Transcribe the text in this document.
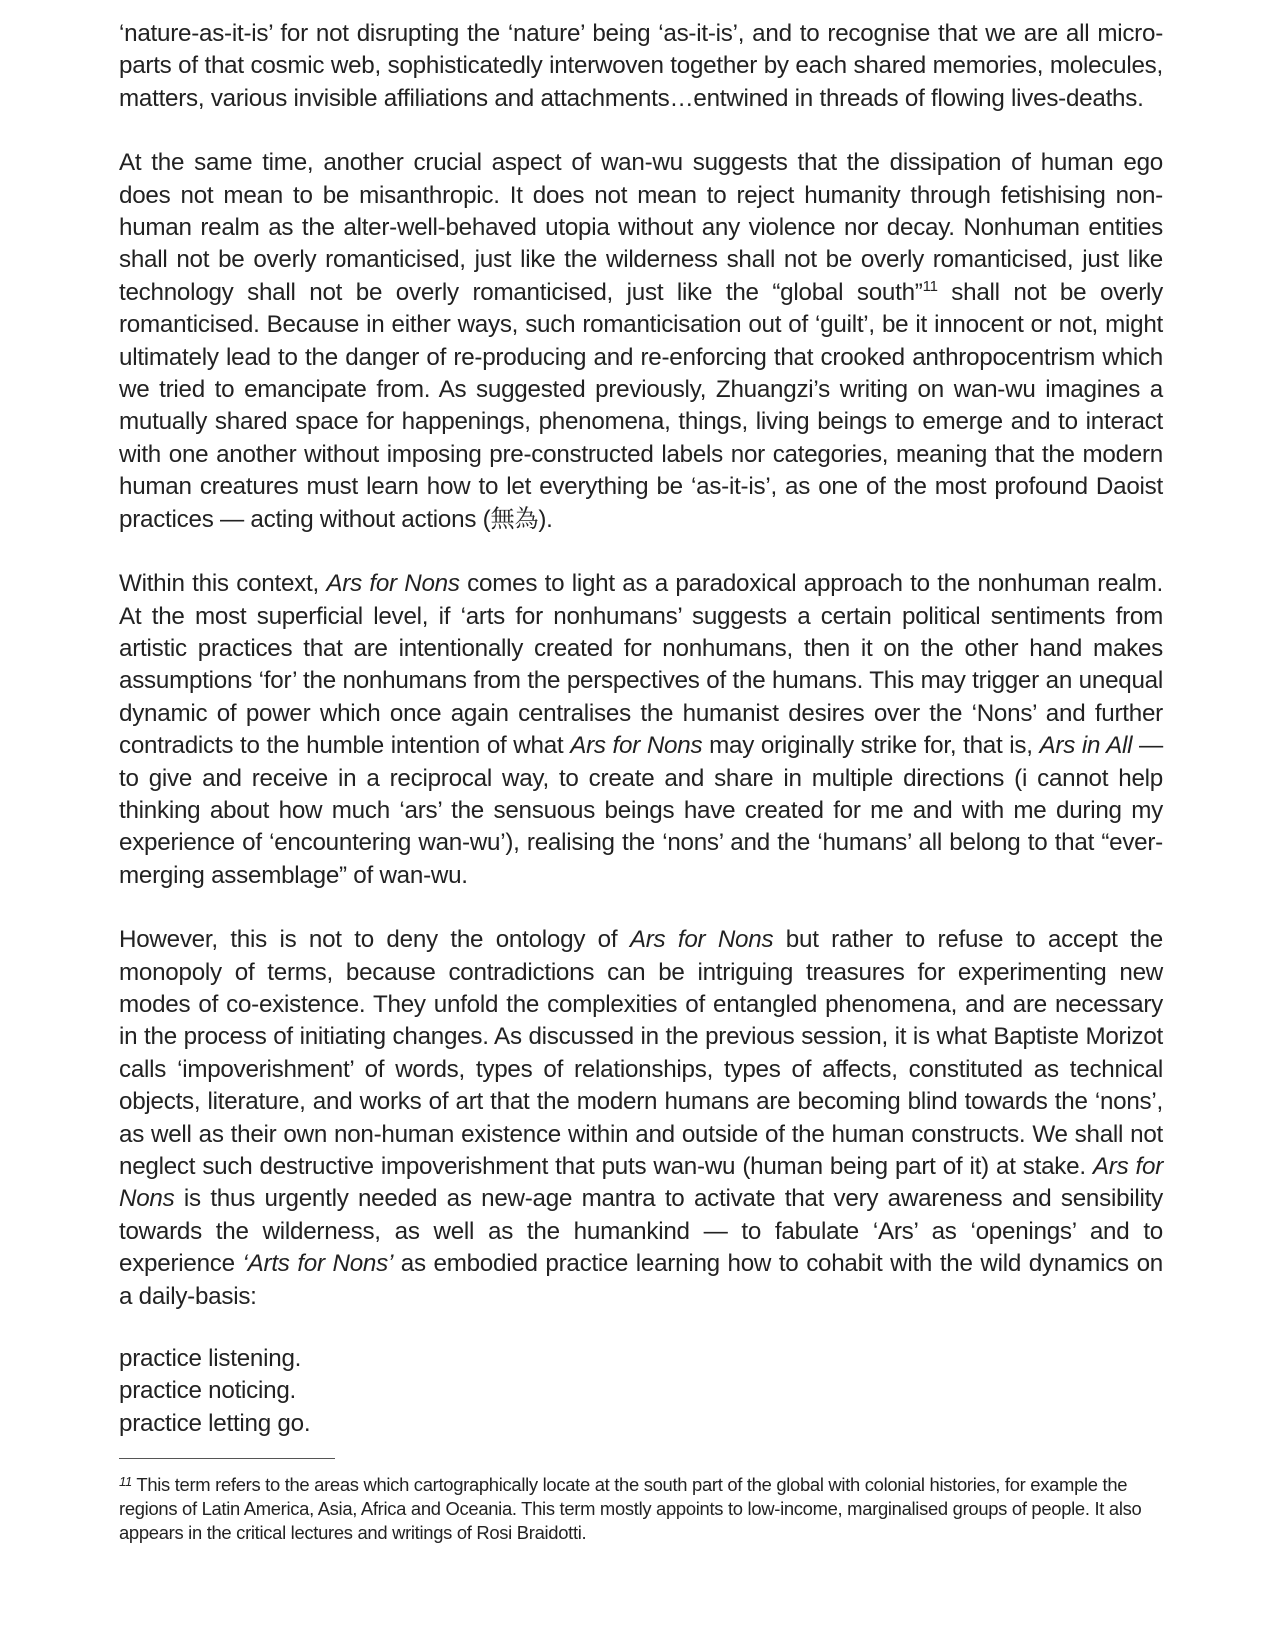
‘nature-as-it-is’ for not disrupting the ‘nature’ being ‘as-it-is’, and to recognise that we are all micro-parts of that cosmic web, sophisticatedly interwoven together by each shared memories, molecules, matters, various invisible affiliations and attachments…entwined in threads of flowing lives-deaths.

At the same time, another crucial aspect of wan-wu suggests that the dissipation of human ego does not mean to be misanthropic. It does not mean to reject humanity through fetishising non-human realm as the alter-well-behaved utopia without any violence nor decay. Nonhuman entities shall not be overly romanticised, just like the wilderness shall not be overly romanticised, just like technology shall not be overly romanticised, just like the “global south”$^{11}$ shall not be overly romanticised. Because in either ways, such romanticisation out of ‘guilt’, be it innocent or not, might ultimately lead to the danger of re-producing and re-enforcing that crooked anthropocentrism which we tried to emancipate from. As suggested previously, Zhuangzi’s writing on wan-wu imagines a mutually shared space for happenings, phenomena, things, living beings to emerge and to interact with one another without imposing pre-constructed labels nor categories, meaning that the modern human creatures must learn how to let everything be ‘as-it-is’, as one of the most profound Daoist practices — acting without actions (無為).

Within this context, Ars for Nons comes to light as a paradoxical approach to the nonhuman realm. At the most superficial level, if ‘arts for nonhumans’ suggests a certain political sentiments from artistic practices that are intentionally created for nonhumans, then it on the other hand makes assumptions ‘for’ the nonhumans from the perspectives of the humans. This may trigger an unequal dynamic of power which once again centralises the humanist desires over the ‘Nons’ and further contradicts to the humble intention of what Ars for Nons may originally strike for, that is, Ars in All — to give and receive in a reciprocal way, to create and share in multiple directions (i cannot help thinking about how much ‘ars’ the sensuous beings have created for me and with me during my experience of ‘encountering wan-wu’), realising the ‘nons’ and the ‘humans’ all belong to that “ever-merging assemblage” of wan-wu.

However, this is not to deny the ontology of Ars for Nons but rather to refuse to accept the monopoly of terms, because contradictions can be intriguing treasures for experimenting new modes of co-existence. They unfold the complexities of entangled phenomena, and are necessary in the process of initiating changes. As discussed in the previous session, it is what Baptiste Morizot calls ‘impoverishment’ of words, types of relationships, types of affects, constituted as technical objects, literature, and works of art that the modern humans are becoming blind towards the ‘nons’, as well as their own non-human existence within and outside of the human constructs. We shall not neglect such destructive impoverishment that puts wan-wu (human being part of it) at stake. Ars for Nons is thus urgently needed as new-age mantra to activate that very awareness and sensibility towards the wilderness, as well as the humankind — to fabulate ‘Ars’ as ‘openings’ and to experience ‘Arts for Nons’ as embodied practice learning how to cohabit with the wild dynamics on a daily-basis:

practice listening.

practice noticing.

practice letting go.

$^{11}$ This term refers to the areas which cartographically locate at the south part of the global with colonial histories, for example the regions of Latin America, Asia, Africa and Oceania. This term mostly appoints to low-income, marginalised groups of people. It also appears in the critical lectures and writings of Rosi Braidotti.
